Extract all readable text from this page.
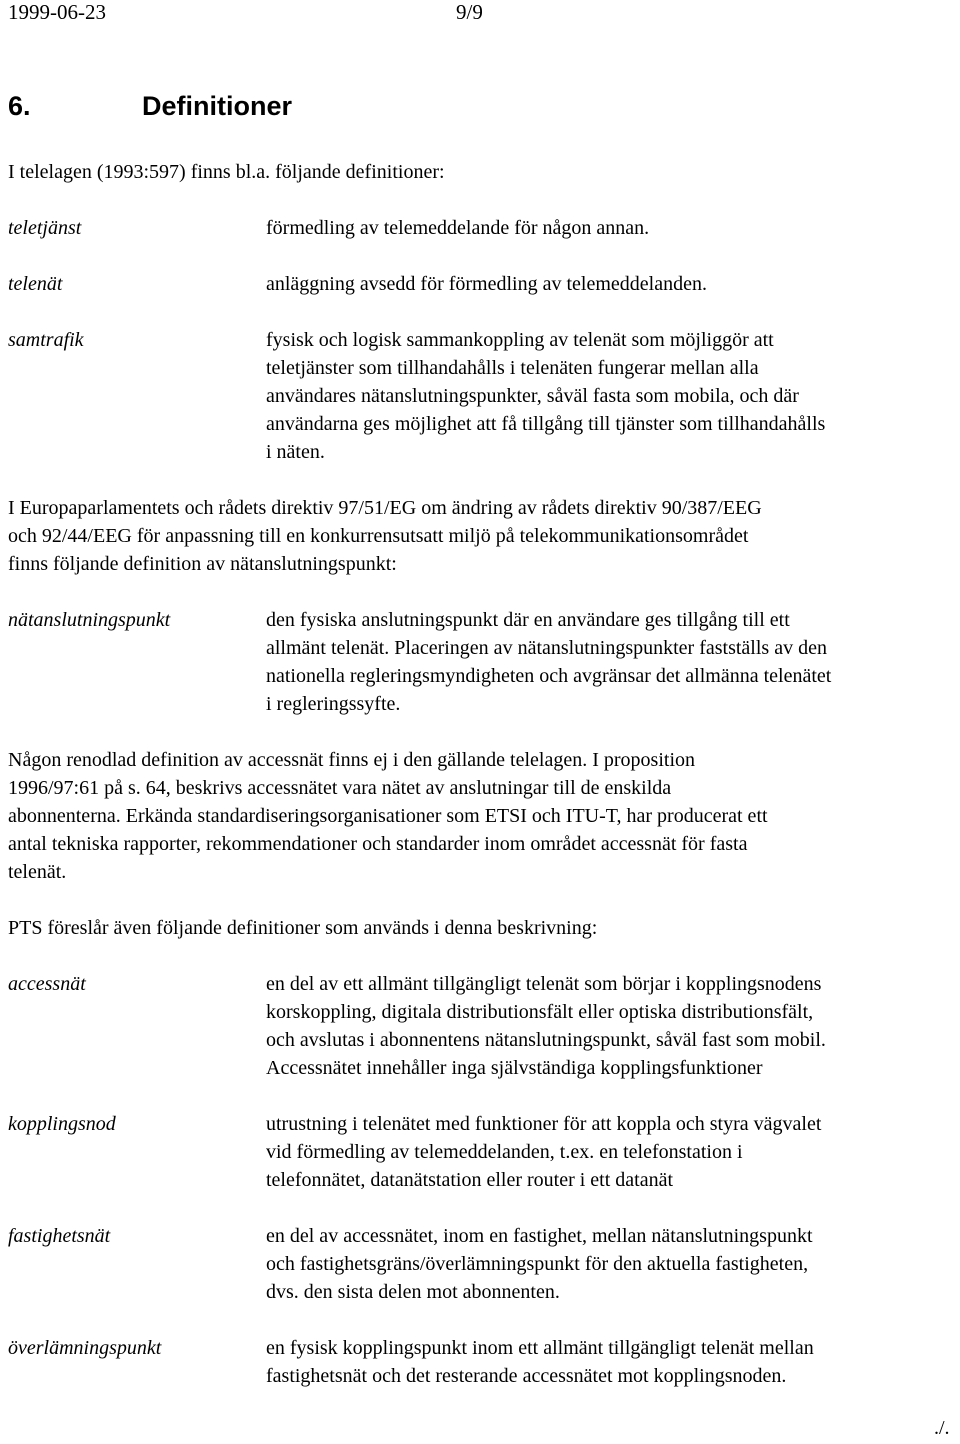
1999-06-23	9/9
6.	Definitioner
I telelagen (1993:597) finns bl.a. följande definitioner:
teletjänst	förmedling av telemeddelande för någon annan.
telenät	anläggning avsedd för förmedling av telemeddelanden.
samtrafik	fysisk och logisk sammankoppling av telenät som möjliggör att
teletjänster som tillhandahålls i telenäten fungerar mellan alla
användares nätanslutningspunkter, såväl fasta som mobila, och där
användarna ges möjlighet att få tillgång till tjänster som tillhandahålls
i näten.
I Europaparlamentets och rådets direktiv 97/51/EG om ändring av rådets direktiv 90/387/EEG
och 92/44/EEG för anpassning till en konkurrensutsatt miljö på telekommunikationsområdet
finns följande definition av nätanslutningspunkt:
nätanslutningspunkt	den fysiska anslutningspunkt där en användare ges tillgång till ett
allmänt telenät. Placeringen av nätanslutningspunkter fastställs av den
nationella regleringsmyndigheten och avgränsar det allmänna telenätet
i regleringssyfte.
Någon renodlad definition av accessnät finns ej i den gällande telelagen. I proposition
1996/97:61 på s. 64, beskrivs accessnätet vara nätet av anslutningar till de enskilda
abonnenterna. Erkända standardiseringsorganisationer som ETSI och ITU-T, har producerat ett
antal tekniska rapporter, rekommendationer och standarder inom området accessnät för fasta
telenät.
PTS föreslår även följande definitioner som används i denna beskrivning:
accessnät	en del av ett allmänt tillgängligt telenät som börjar i kopplingsnodens
korskoppling, digitala distributionsfält eller optiska distributionsfält,
och avslutas i abonnentens nätanslutningspunkt, såväl fast som mobil.
Accessnätet innehåller inga självständiga kopplingsfunktioner
kopplingsnod	utrustning i telenätet med funktioner för att koppla och styra vägvalet
vid förmedling av telemeddelanden, t.ex. en telefonstation i
telefonnätet, datanätstation eller router i ett datanät
fastighetsnät	en del av accessnätet, inom en fastighet, mellan nätanslutningspunkt
och fastighetsgräns/överlämningspunkt för den aktuella fastigheten,
dvs. den sista delen mot abonnenten.
överlämningspunkt	en fysisk kopplingspunkt inom ett allmänt tillgängligt telenät mellan
fastighetsnät och det resterande accessnätet mot kopplingsnoden.
./.
